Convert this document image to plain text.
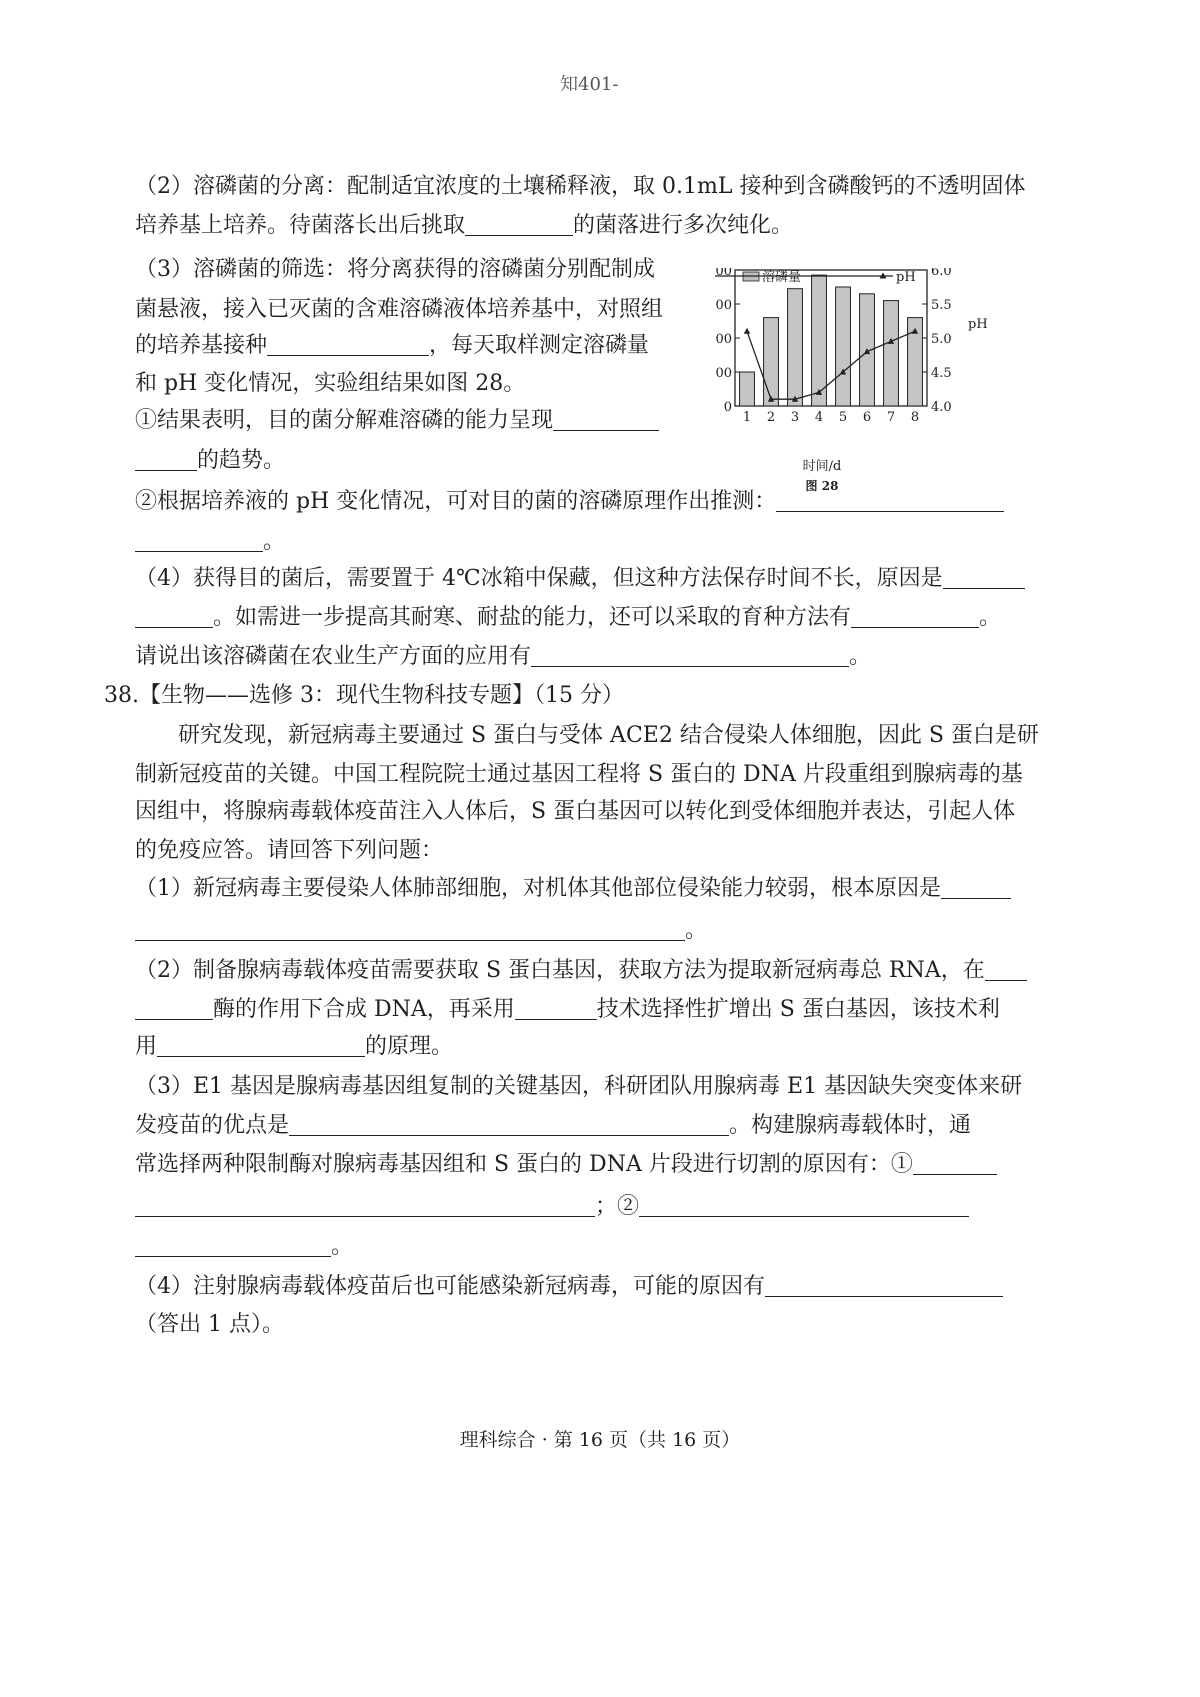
知401-
（2）溶磷菌的分离：配制适宜浓度的土壤稀释液，取 0.1mL 接种到含磷酸钙的不透明固体
培养基上培养。待菌落长出后挑取	的菌落进行多次纯化。
（3）溶磷菌的筛选：将分离获得的溶磷菌分别配制成
菌悬液，接入已灭菌的含难溶磷液体培养基中，对照组
的培养基接种	，每天取样测定溶磷量
和 pH 变化情况，实验组结果如图 28。
①结果表明，目的菌分解难溶磷的能力呈现
的趋势。
②根据培养液的 pH 变化情况，可对目的菌的溶磷原理作出推测：
。
（4）获得目的菌后，需要置于 4℃冰箱中保藏，但这种方法保存时间不长，原因是
。如需进一步提高其耐寒、耐盐的能力，还可以采取的育种方法有	。
请说出该溶磷菌在农业生产方面的应用有	。
38.【生物——选修 3：现代生物科技专题】（15 分）
研究发现，新冠病毒主要通过 S 蛋白与受体 ACE2 结合侵染人体细胞，因此 S 蛋白是研
制新冠疫苗的关键。中国工程院院士通过基因工程将 S 蛋白的 DNA 片段重组到腺病毒的基
因组中，将腺病毒载体疫苗注入人体后，S 蛋白基因可以转化到受体细胞并表达，引起人体
的免疫应答。请回答下列问题：
（1）新冠病毒主要侵染人体肺部细胞，对机体其他部位侵染能力较弱，根本原因是
。
（2）制备腺病毒载体疫苗需要获取 S 蛋白基因，获取方法为提取新冠病毒总 RNA，在
酶的作用下合成 DNA，再采用	技术选择性扩增出 S 蛋白基因，该技术利
用	的原理。
（3）E1 基因是腺病毒基因组复制的关键基因，科研团队用腺病毒 E1 基因缺失突变体来研
发疫苗的优点是	。构建腺病毒载体时，通
常选择两种限制酶对腺病毒基因组和 S 蛋白的 DNA 片段进行切割的原因有：①
；②
。
（4）注射腺病毒载体疫苗后也可能感染新冠病毒，可能的原因有
（答出 1 点）。
理科综合 · 第 16 页（共 16 页）
0
00
00
00
00
4.0
4.5
5.0
5.5
6.0
1 2 3 4 5 6 7 8
溶磷量	pH
pH
时间/d
图 28
